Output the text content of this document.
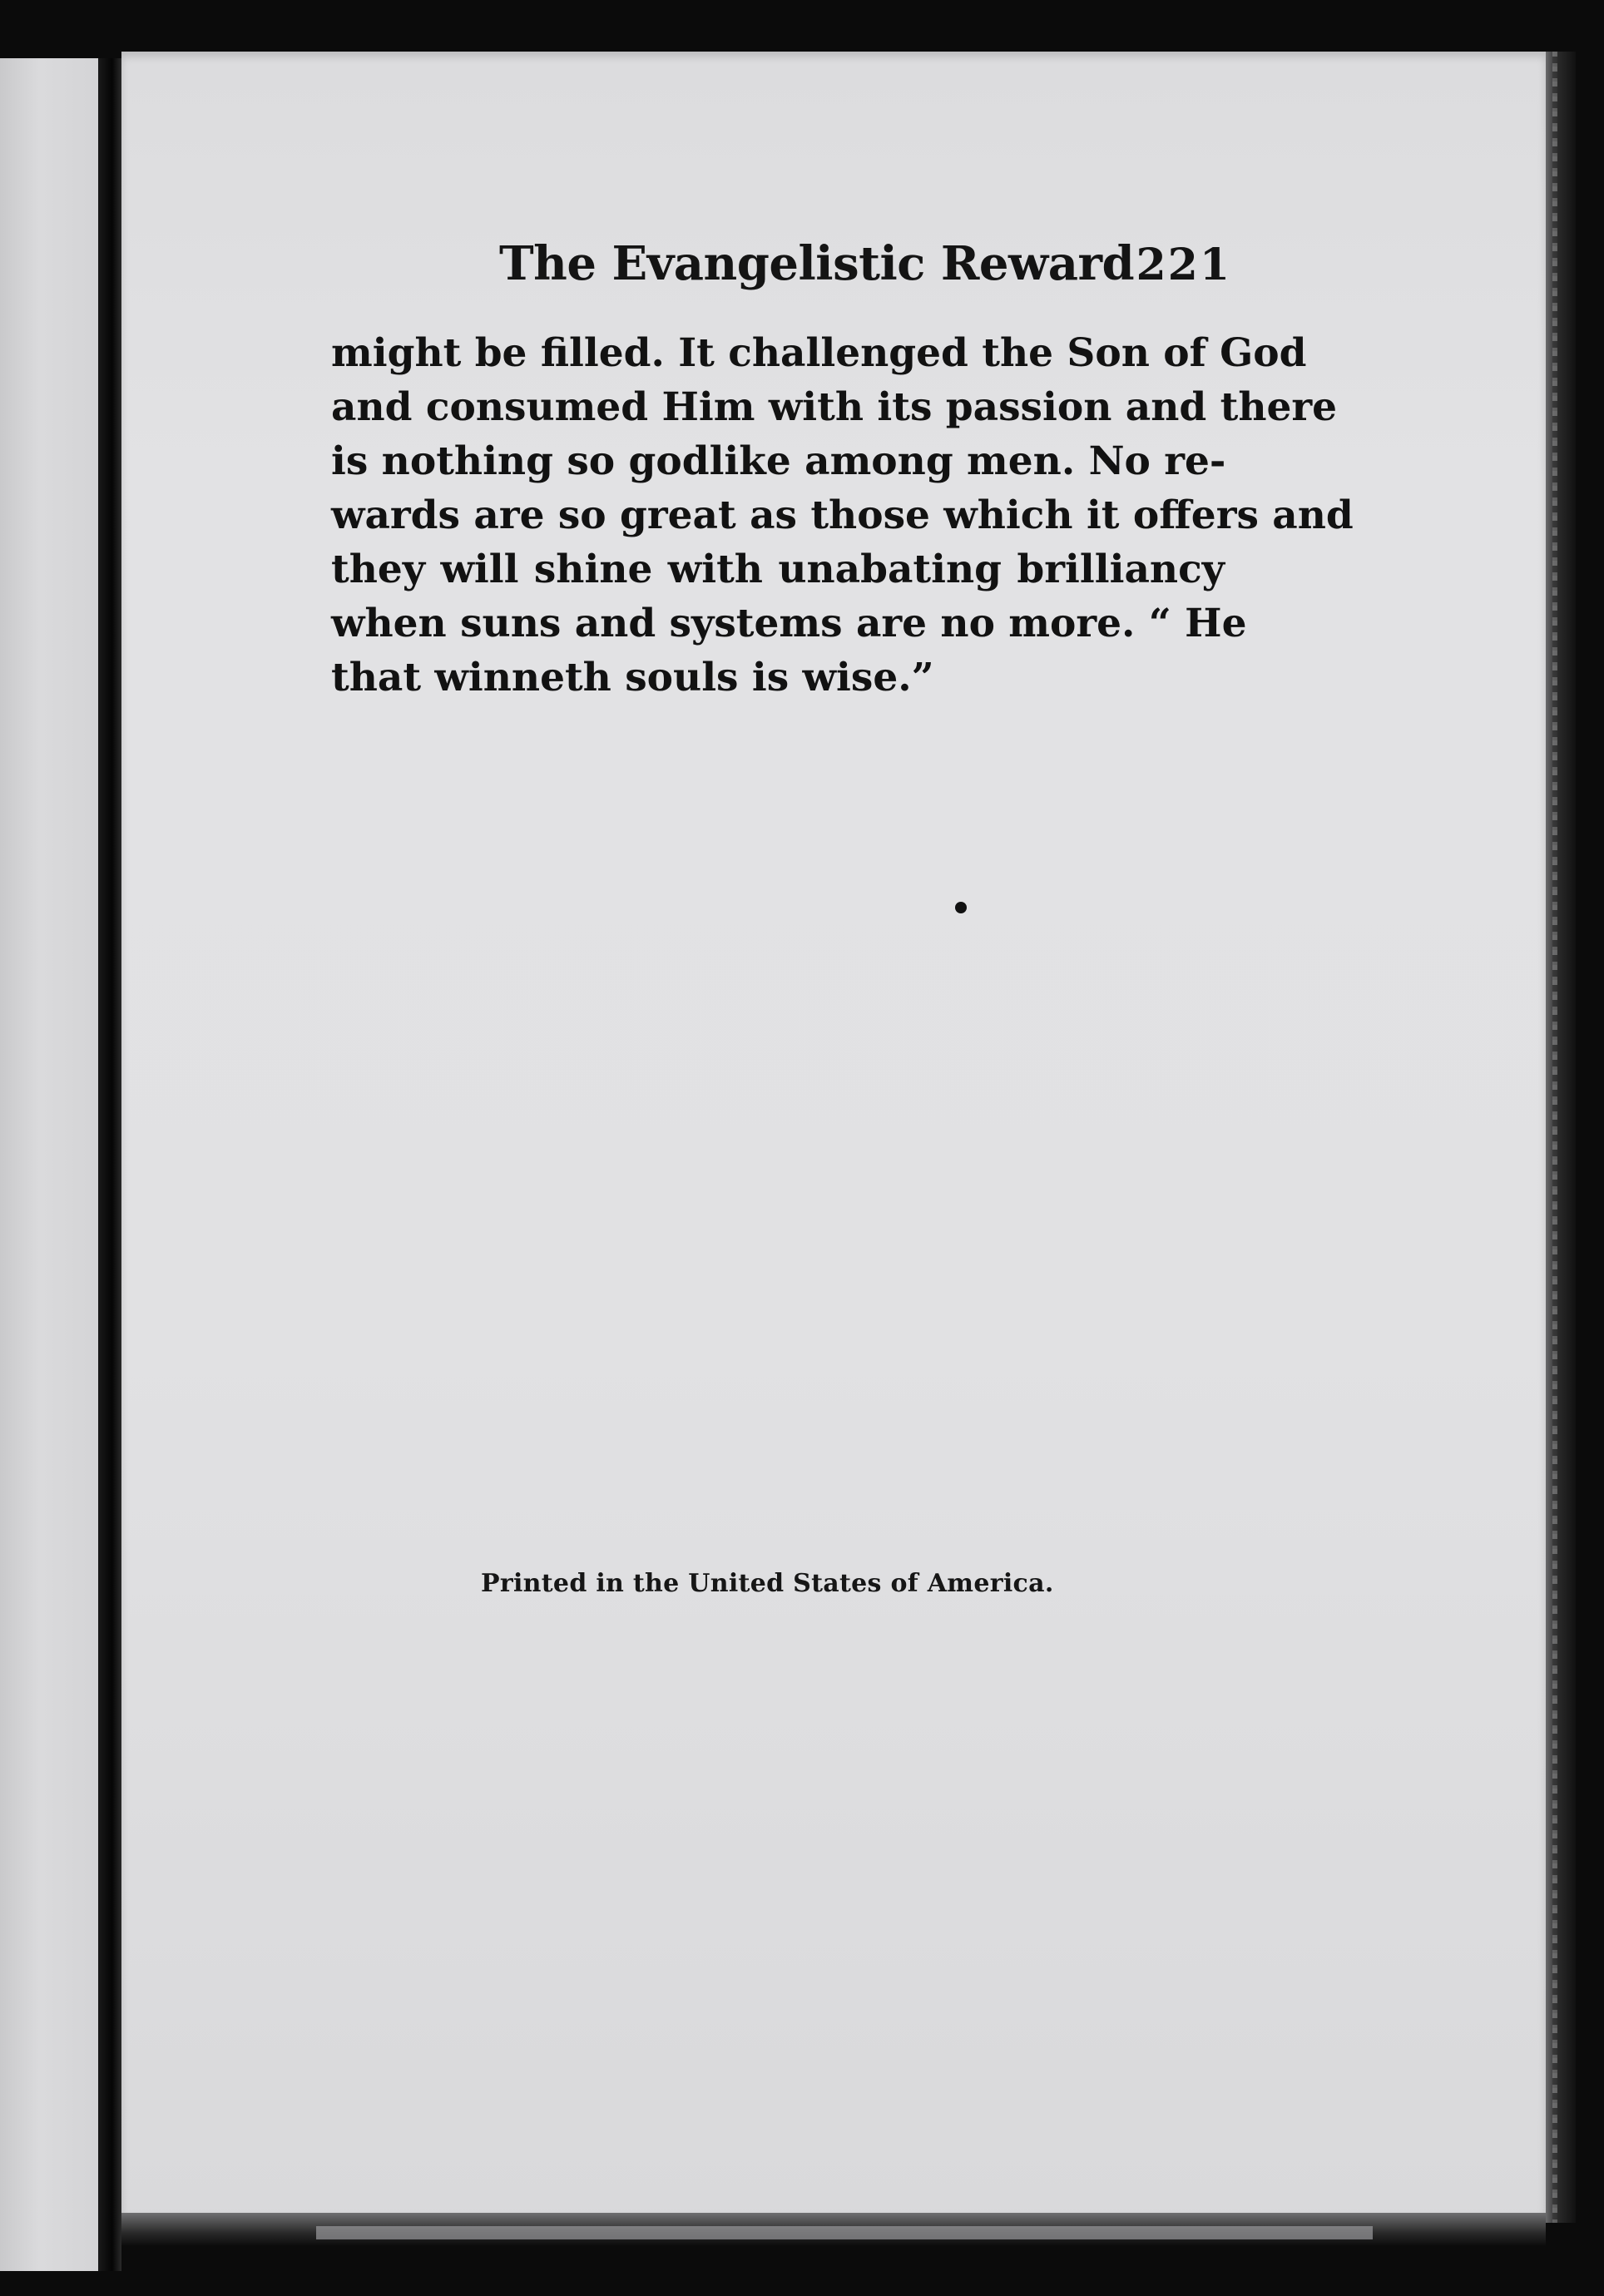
The Evangelistic Reward 221
might be filled. It challenged the Son of God
and consumed Him with its passion and there
is nothing so godlike among men. No re-
wards are so great as those which it offers and
they will shine with unabating brilliancy
when suns and systems are no more. “ He
that winneth souls is wise.”
Printed in the United States of America.
